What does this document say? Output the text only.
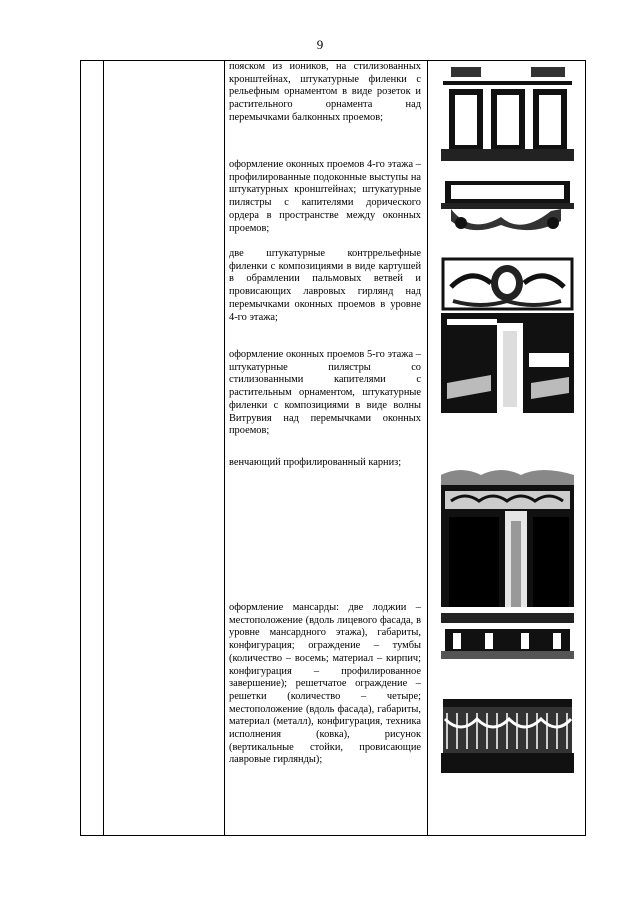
9
пояском из иоников, на стилизованных кронштейнах, штукатурные филенки с рельефным орнаментом в виде розеток и растительного орнамента над перемычками балконных проемов;
оформление оконных проемов 4-го этажа – профилированные подоконные выступы на штукатурных кронштейнах; штукатурные пилястры с капителями дорического ордера в пространстве между оконных проемов;
две штукатурные контррельефные филенки с композициями в виде картушей в обрамлении пальмовых ветвей и провисающих лавровых гирлянд над перемычками оконных проемов в уровне 4-го этажа;
оформление оконных проемов 5-го этажа – штукатурные пилястры со стилизованными капителями с растительным орнаментом, штукатурные филенки с композициями в виде волны Витрувия над перемычками оконных проемов;
венчающий профилированный карниз;
оформление мансарды: две лоджии – местоположение (вдоль лицевого фасада, в уровне мансардного этажа), габариты, конфигурация; ограждение – тумбы (количество – восемь; материал – кирпич; конфигурация – профилированное завершение); решетчатое ограждение – решетки (количество – четыре; местоположение (вдоль фасада), габариты, материал (металл), конфигурация, техника исполнения (ковка), рисунок (вертикальные стойки, провисающие лавровые гирлянды);
